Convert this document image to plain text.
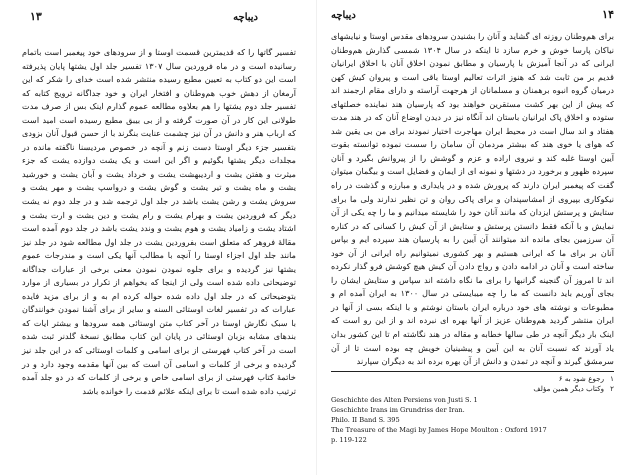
دیباچه
۱۳

تفسیر گاتها را که قدیمترین قسمت اوستا و از سرودهای خود پیغمبر است باتمام رسانیده است و در ماه فروردین سال ۱۳۰۷ تفسیر جلد اول یشتها پایان پذیرفته است این دو کتاب به تعیین مطبع رسیده منتشر شده است خدای را شکر که این آرمغان از دهش خوب هم‌وطنان و افتخار ایران و خود جداگانه ترویج کتابه که تفسیر جلد دوم یشتها را هم بعلاوه مطالعه عموم گذارم اینک بس از صرف مدت طولانی این کار در آن صورت گرفته و از بی بیبق مطبع رسیده است امید است که ارباب هنر و دانش در آن نیز چشمت عنایت بنگرند با از حسن قبول آنان بزودی بتفسیر جزء دیگر اوستا دست زنم و آنچه در خصوص مردیسنا ناگفته مانده در مجلدات دیگر یشتها بگوئیم و اگر این است و یک یشت دوازده یشت که جزء میثرت و هفتن یشت و اردیبهشت یشت و خرداد یشت و آبان یشت و خورشید یشت و ماه یشت و تیر یشت و گوش یشت و درواسپ یشت و مهر یشت و سروش یشت و رشن یشت باشد در جلد اول ترجمه شد و در جلد دوم نه یشت دیگر که فروردین یشت و بهرام یشت و رام یشت و دین یشت و ارت یشت و اشتاد یشت و زامیاد یشت و هوم یشت و وندد یشت باشد در جلد دوم آمده است مقالهٔ فروهر که متعلق است بفروردین یشت در جلد اول مطالعه شود در جلد نیز مانند جلد اول اجزاء اوستا را آنچه با مطالب آنها یکی است و مندرجات عموم یشتها نیز گردیده و برای جلوه نمودن نمودن معنی برخی از عبارات جداگانه توضیحاتی داده شده است ولی از اینجا که بخواهم از تکرار در بسیاری از موارد بتوضیحاتی که در جلد اول داده شده حواله کرده ام به و از برای مزید فایده عبارات که در تفسیر لغات اوستائی السنه و سایر از برای آشنا نمودن خوانندگان با سبک نگارش اوستا در آخر کتاب متن اوستائی همه سرودها و بیشتر ایات که بندهای مشابه بزبان اوستائی در پایان این کتاب مطابق نسخهٔ گلدنر ثبت شده است در آخر کتاب فهرستی از برای اسامی و کلمات اوستائی که در این جلد نیز گردیده و برخی از کلمات و اسامی آن است که بین آنها مقدمه وجود دارد و در خاتمهٔ کتاب فهرستی از برای اسامی خاص و برخی از کلمات که در دو جلد آمده ترتیب داده شده است تا برای اینکه علائم قدمت را خوانده باشد

۱۴
دیباچه

برای هم‌وطنان روزنه ای گشاید و آنان را بشنیدن سرودهای مقدس اوستا و نیایشهای نیاکان پارسا خوش و خرم سازد تا اینکه در سال ۱۳۰۴ شمسی گذارش هم‌وطنان ایرانی که در آنجا آمیزش با پارسیان و مطابق نمودن اخلاق آنان با اخلاق ایرانیان قدیم بر من ثابت شد که هنوز اثرات تعالیم اوستا باقی است و پیروان کیش کهن درمیان گروه انبوه برهمنان و مسلمانان از هرجهت آراسته و دارای مقام ارجمند اند که پیش از این بهر کشت مستقرین خواهند بود که پارسیان هند نماینده خصلتهای ستوده و اخلاق پاک ایرانیان باستان اند آنگاه نیز در دیدن اوضاع آنان که در هند مدت هفتاد و اند سال است در محیط ایران مهاجرت اختیار نمودند برای من بی یقین شد که هوای یا خوی هند که بیشتر مردمان آن سامان را سست نموده توانسته بقوت آیین اوستا غلبه کند و نیروی اراده و عزم و گوشش را از پیروانش بگیرد و آنان سپرده ظهور و برخورد در دشتها و نمونه ای از ایمان و فضایل است و بیگمان میتوان گفت که پیغمبر ایران دارند که پرورش شده و در پایداری و مبارزه و گذشت در راه نیکوکاری بپیروی از امشاسپندان و برای پاکی روان و تن نظیر ندارند ولی ما برای ستایش و پرستش ایزدان که مانند آنان خود را شایسته میدانیم و ما را چه یکی از آن نمایش و با آنکه فقط دانستن پرستش و ستایش از آن کیش را کسانی که در کناره آن سرزمین بجای مانده اند میتوانند آن آیین را به پارسیان هند سپرده ایم و بپاس آنان بر برای ما که ایرانی هستیم و بهر کشوری نمیتوانیم راه ایرانی از آن خود ساخته است و آنان در ادامه دادن و رواج دادن آن کیش هیچ کوشش فرو گذار نکرده اند تا امروز آن گنجینه گرانبها را برای ما نگاه داشته اند سپاس و ستایش ایشان را بجای آوریم باید دانست که ما را چه میبایستی در سال ۱۳۰۰ به ایران آمده ام و مطبوعات و نوشته های خود درباره ایران باستان نوشتم و با اینکه بسی از آنها در ایران منتشر گردید هم‌وطنان عزیز از آنها بهره ای نبرده اند و از این رو است که اینک بار دیگر آنچه در طی سالها خطابه و مقاله در هند نگاشته ام تا این کشور بدان یاد آورند که نسبت آنان به این آیین و پیشینیان خویش چه بوده است تا از آن سرمشق گیرند و آنچه در تمدن و دانش از آن بهره برده اند به دیگران سپارند

۱
رجوع شود به ۶
۲
وکتاب دیگر همین مؤلف
Geschichte des Alten Persiens von Justi S. 1
Geschichte Irans im Grundriss der Iran.
Philo. II Band S. 395
The Treasure of the Magi by James Hope Moulton : Oxford 1917
p. 119-122
